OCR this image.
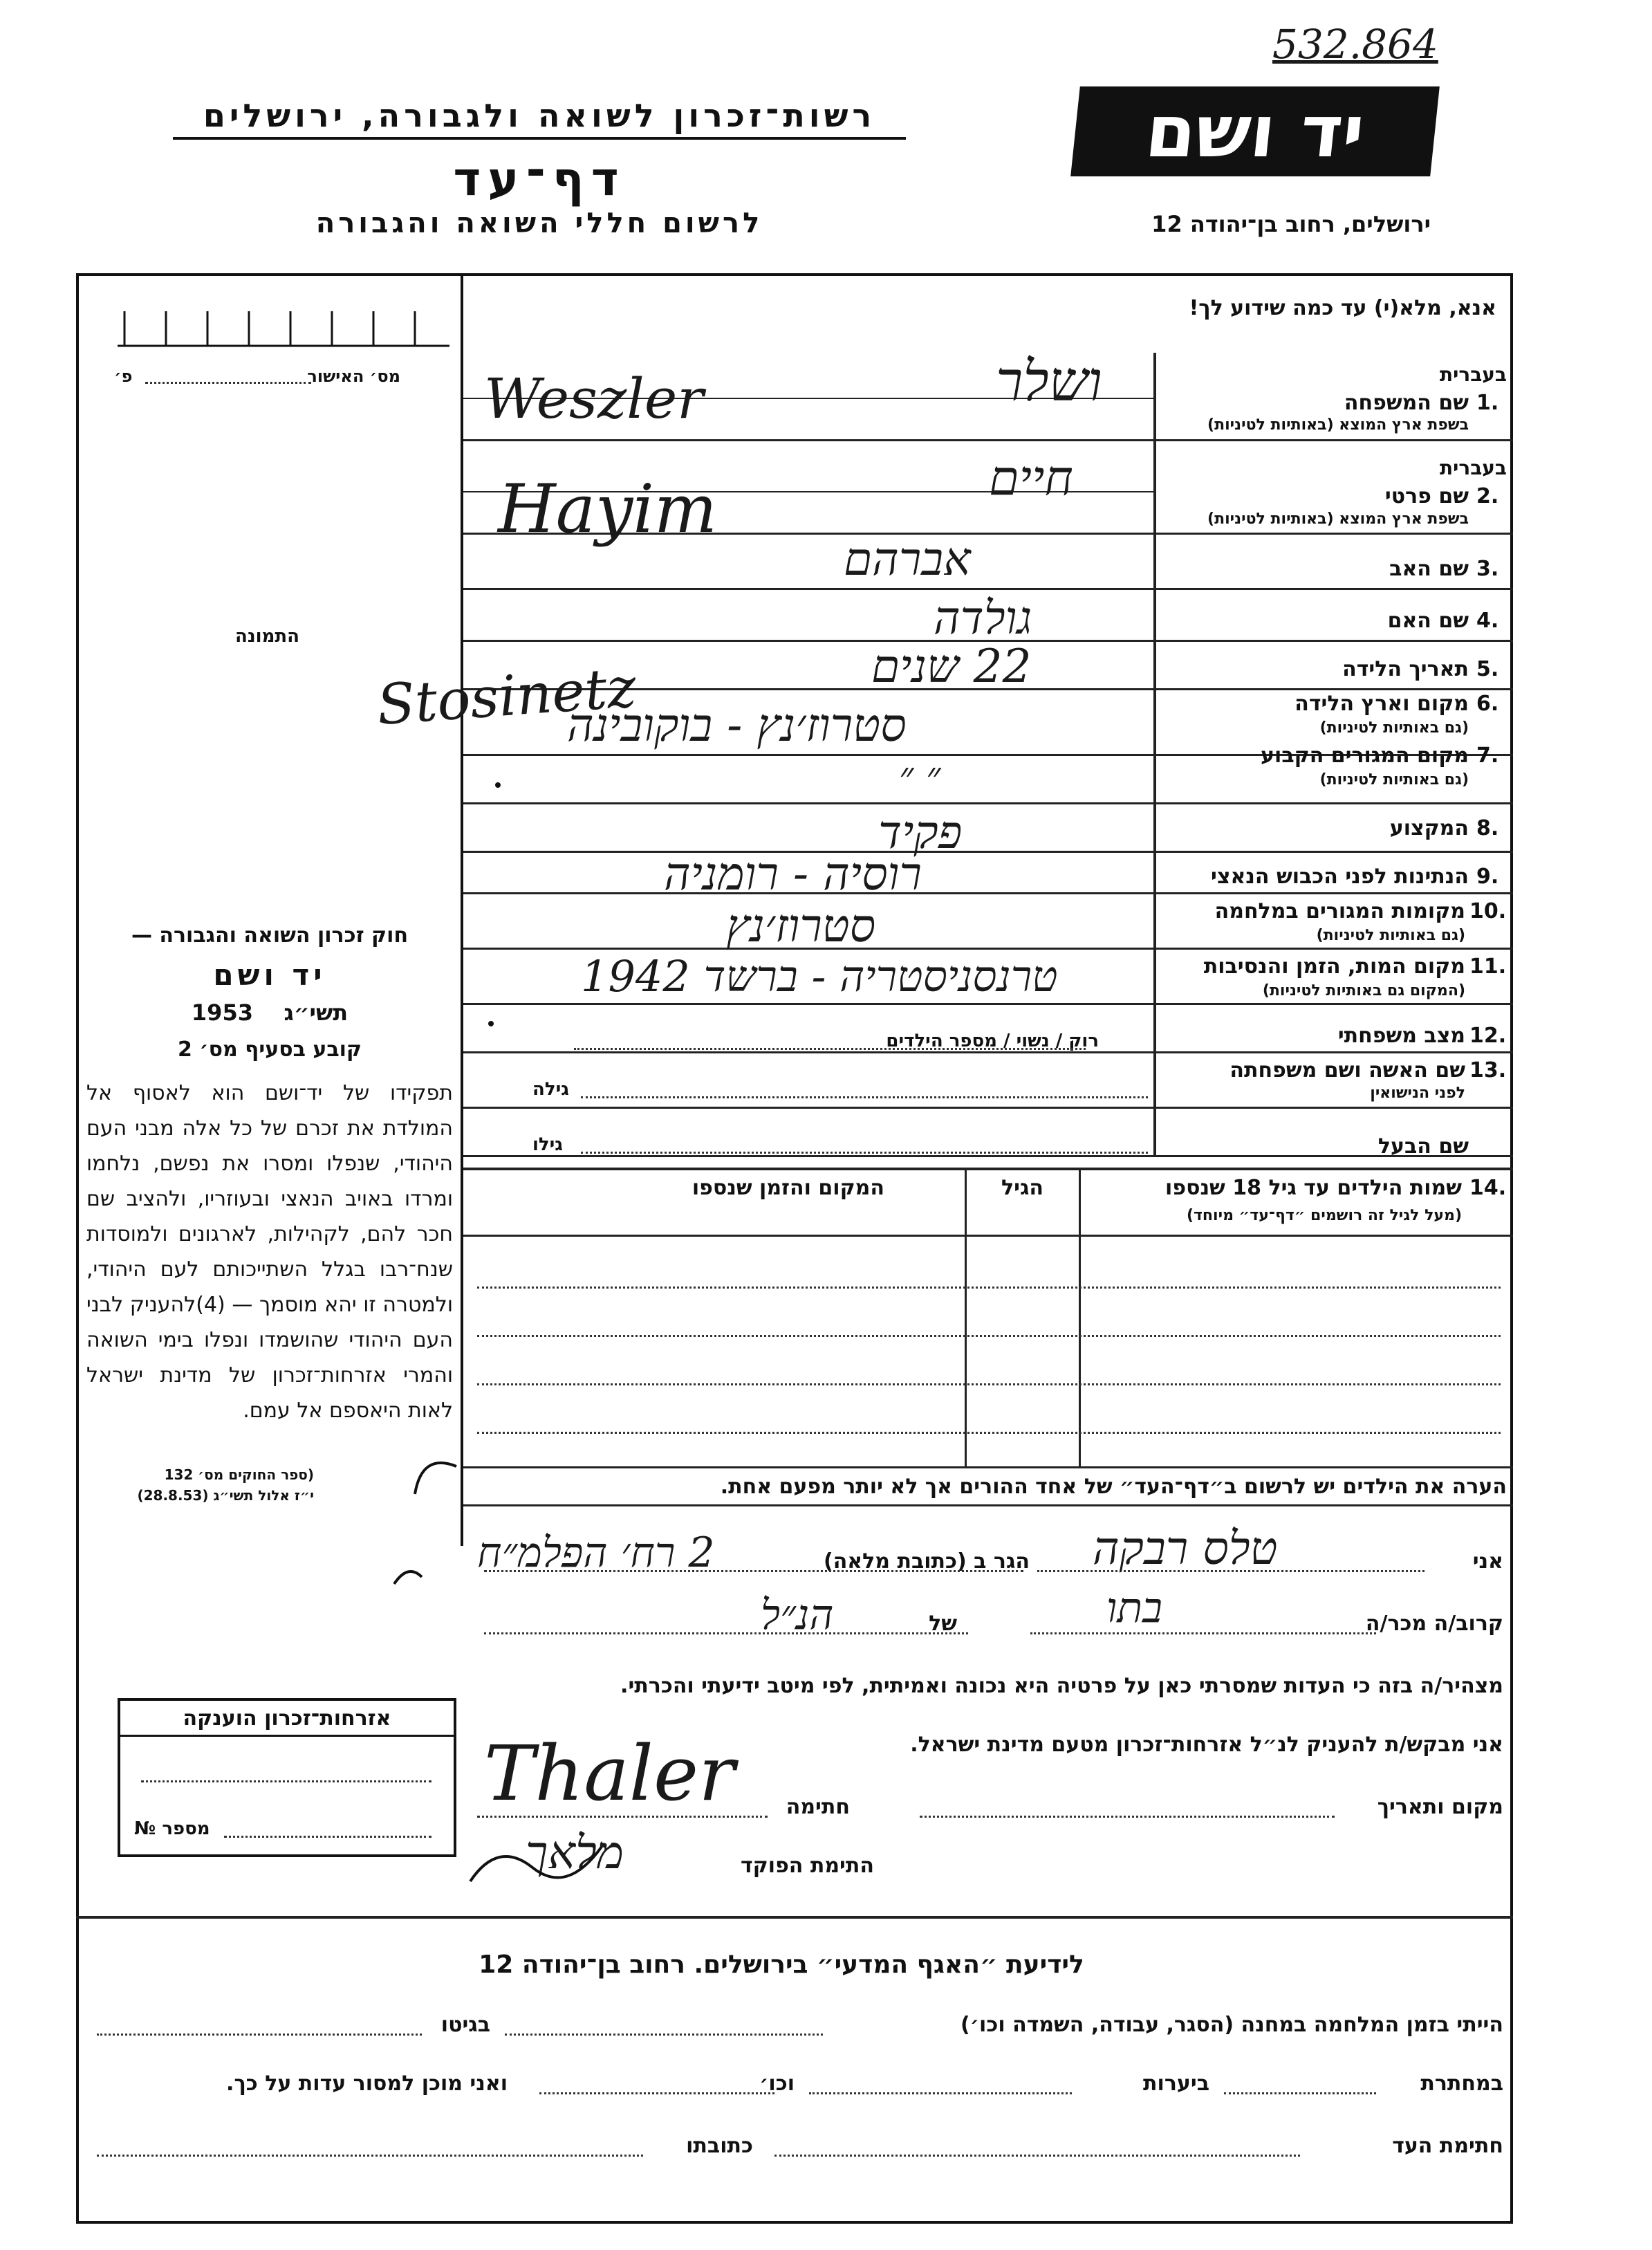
532.864
יד ושם
ירושלים, רחוב בן־יהודה 12
רשות־זכרון לשואה ולגבורה, ירושלים
דף־עד
לרשום חללי השואה והגבורה
אנא, מלא(י) עד כמה שידוע לך!
מס׳ האישור
פ׳
התמונה
חוק זכרון השואה והגבורה —
יד ושם
1953 תשי״ג
קובע בסעיף מס׳ 2
תפקידו של יד־ושם הוא לאסוף אל המולדת את זכרם של כל אלה מבני העם היהודי, שנפלו ומסרו את נפשם, נלחמו ומרדו באויב הנאצי ובעוזריו, ולהציב שם חכר להם, לקהילות, לארגונים ולמוסדות שנח־רבו בגלל השתייכותם לעם היהודי, ולמטרה זו יהא מוסמך — (4)להעניק לבני העם היהודי שהושמדו ונפלו בימי השואה והמרי אזרחות־זכרון של מדינת ישראל לאות היאספם אל עמם.
(ספר החוקים מס׳ 132
י״ז אלול תשי״ג (28.8.53)
1.
שם המשפחה
בשפת ארץ המוצא (באותיות לטיניות)
בעברית
2.
שם פרטי
בשפת ארץ המוצא (באותיות לטיניות)
בעברית
3.
שם האב
4.
שם האם
5.
תאריך הלידה
6.
מקום וארץ הלידה
(גם באותיות לטיניות)
7.
מקום המגורים הקבוע
(גם באותיות לטיניות)
8.
המקצוע
9.
הנתינות לפני הכבוש הנאצי
10.
מקומות המגורים במלחמה
(גם באותיות לטיניות)
11.
מקום המות, הזמן והנסיבות
(המקום גם באותיות לטיניות)
12.
מצב משפחתי
13.
שם האשה ושם משפחתה
לפני הנישואין
רוק / נשוי / מספר הילדים
גילה
שם הבעל
גילו
14.
שמות הילדים עד גיל 18 שנספו
(מעל לגיל זה רושמים ״דף־עד״ מיוחד)
הגיל
המקום והזמן שנספו
הערה את הילדים יש לרשום ב״דף־העד״ של אחד ההורים אך לא יותר מפעם אחת.
אני
הגר ב (כתובת מלאה)
קרוב/ה מכר/ה
של
מצהיר/ה בזה כי העדות שמסרתי כאן על פרטיה היא נכונה ואמיתית, לפי מיטב ידיעתי והכרתי.
אני מבקש/ת להעניק לנ״ל אזרחות־זכרון מטעם מדינת ישראל.
מקום ותאריך
חתימה
התימת הפוקד
אזרחות־זכרון הוענקה
מספר №
לידיעת ״האגף המדעי״ בירושלים. רחוב בן־יהודה 12
הייתי בזמן המלחמה במחנה (הסגר, עבודה, השמדה וכו׳)
בגיטו
במחתרת
ביערות
וכו׳
ואני מוכן למסור עדות על כך.
חתימת העד
כתובתו
ושלר
Weszler
חיים
Hayim
אברהם
גולדה
22 שנים
סטרוז׳נץ - בוקובינה
Stosinetz
״ ״
פקיד
רוסיה - רומניה
סטרוז׳נץ
טרנסניסטריה - ברשד 1942
טלס רבקה
2 רח׳ הפלמ״ח
בתו
הנ״ל
Thaler
מלאך
